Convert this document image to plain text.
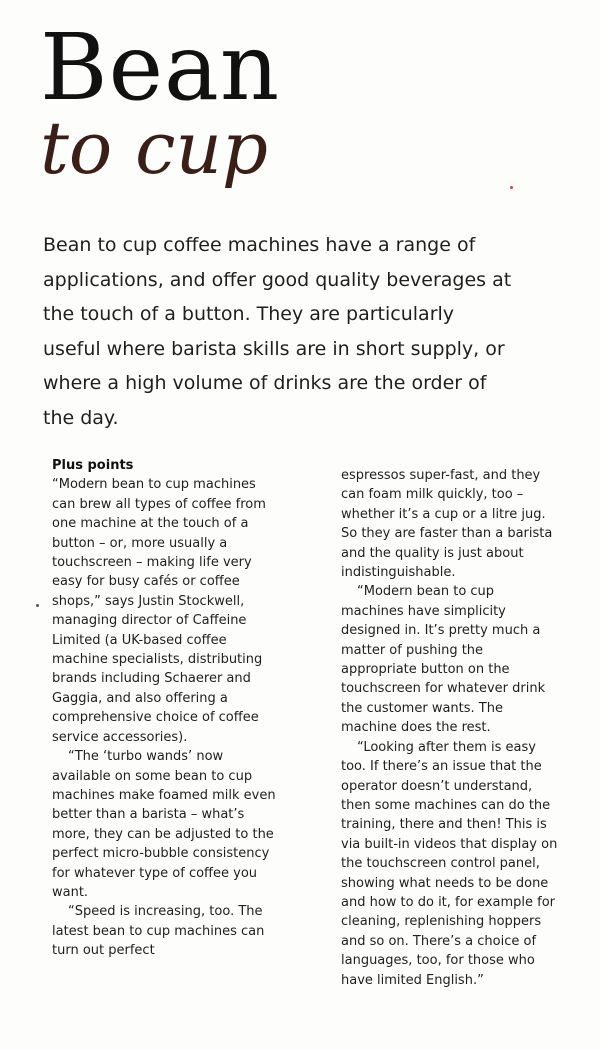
Bean
to cup

Bean to cup coffee machines have a range of applications, and offer good quality beverages at the touch of a button. They are particularly useful where barista skills are in short supply, or where a high volume of drinks are the order of the day.

Plus points

“Modern bean to cup machines can brew all types of coffee from one machine at the touch of a button – or, more usually a touchscreen – making life very easy for busy cafés or coffee shops,” says Justin Stockwell, managing director of Caffeine Limited (a UK-based coffee machine specialists, distributing brands including Schaerer and Gaggia, and also offering a comprehensive choice of coffee service accessories).

“The ‘turbo wands’ now available on some bean to cup machines make foamed milk even better than a barista – what’s more, they can be adjusted to the perfect micro-bubble consistency for whatever type of coffee you want.

“Speed is increasing, too. The latest bean to cup machines can turn out perfect

espressos super-fast, and they can foam milk quickly, too – whether it’s a cup or a litre jug. So they are faster than a barista and the quality is just about indistinguishable.

“Modern bean to cup machines have simplicity designed in. It’s pretty much a matter of pushing the appropriate button on the touchscreen for whatever drink the customer wants. The machine does the rest.

“Looking after them is easy too. If there’s an issue that the operator doesn’t understand, then some machines can do the training, there and then! This is via built-in videos that display on the touchscreen control panel, showing what needs to be done and how to do it, for example for cleaning, replenishing hoppers and so on. There’s a choice of languages, too, for those who have limited English.”
